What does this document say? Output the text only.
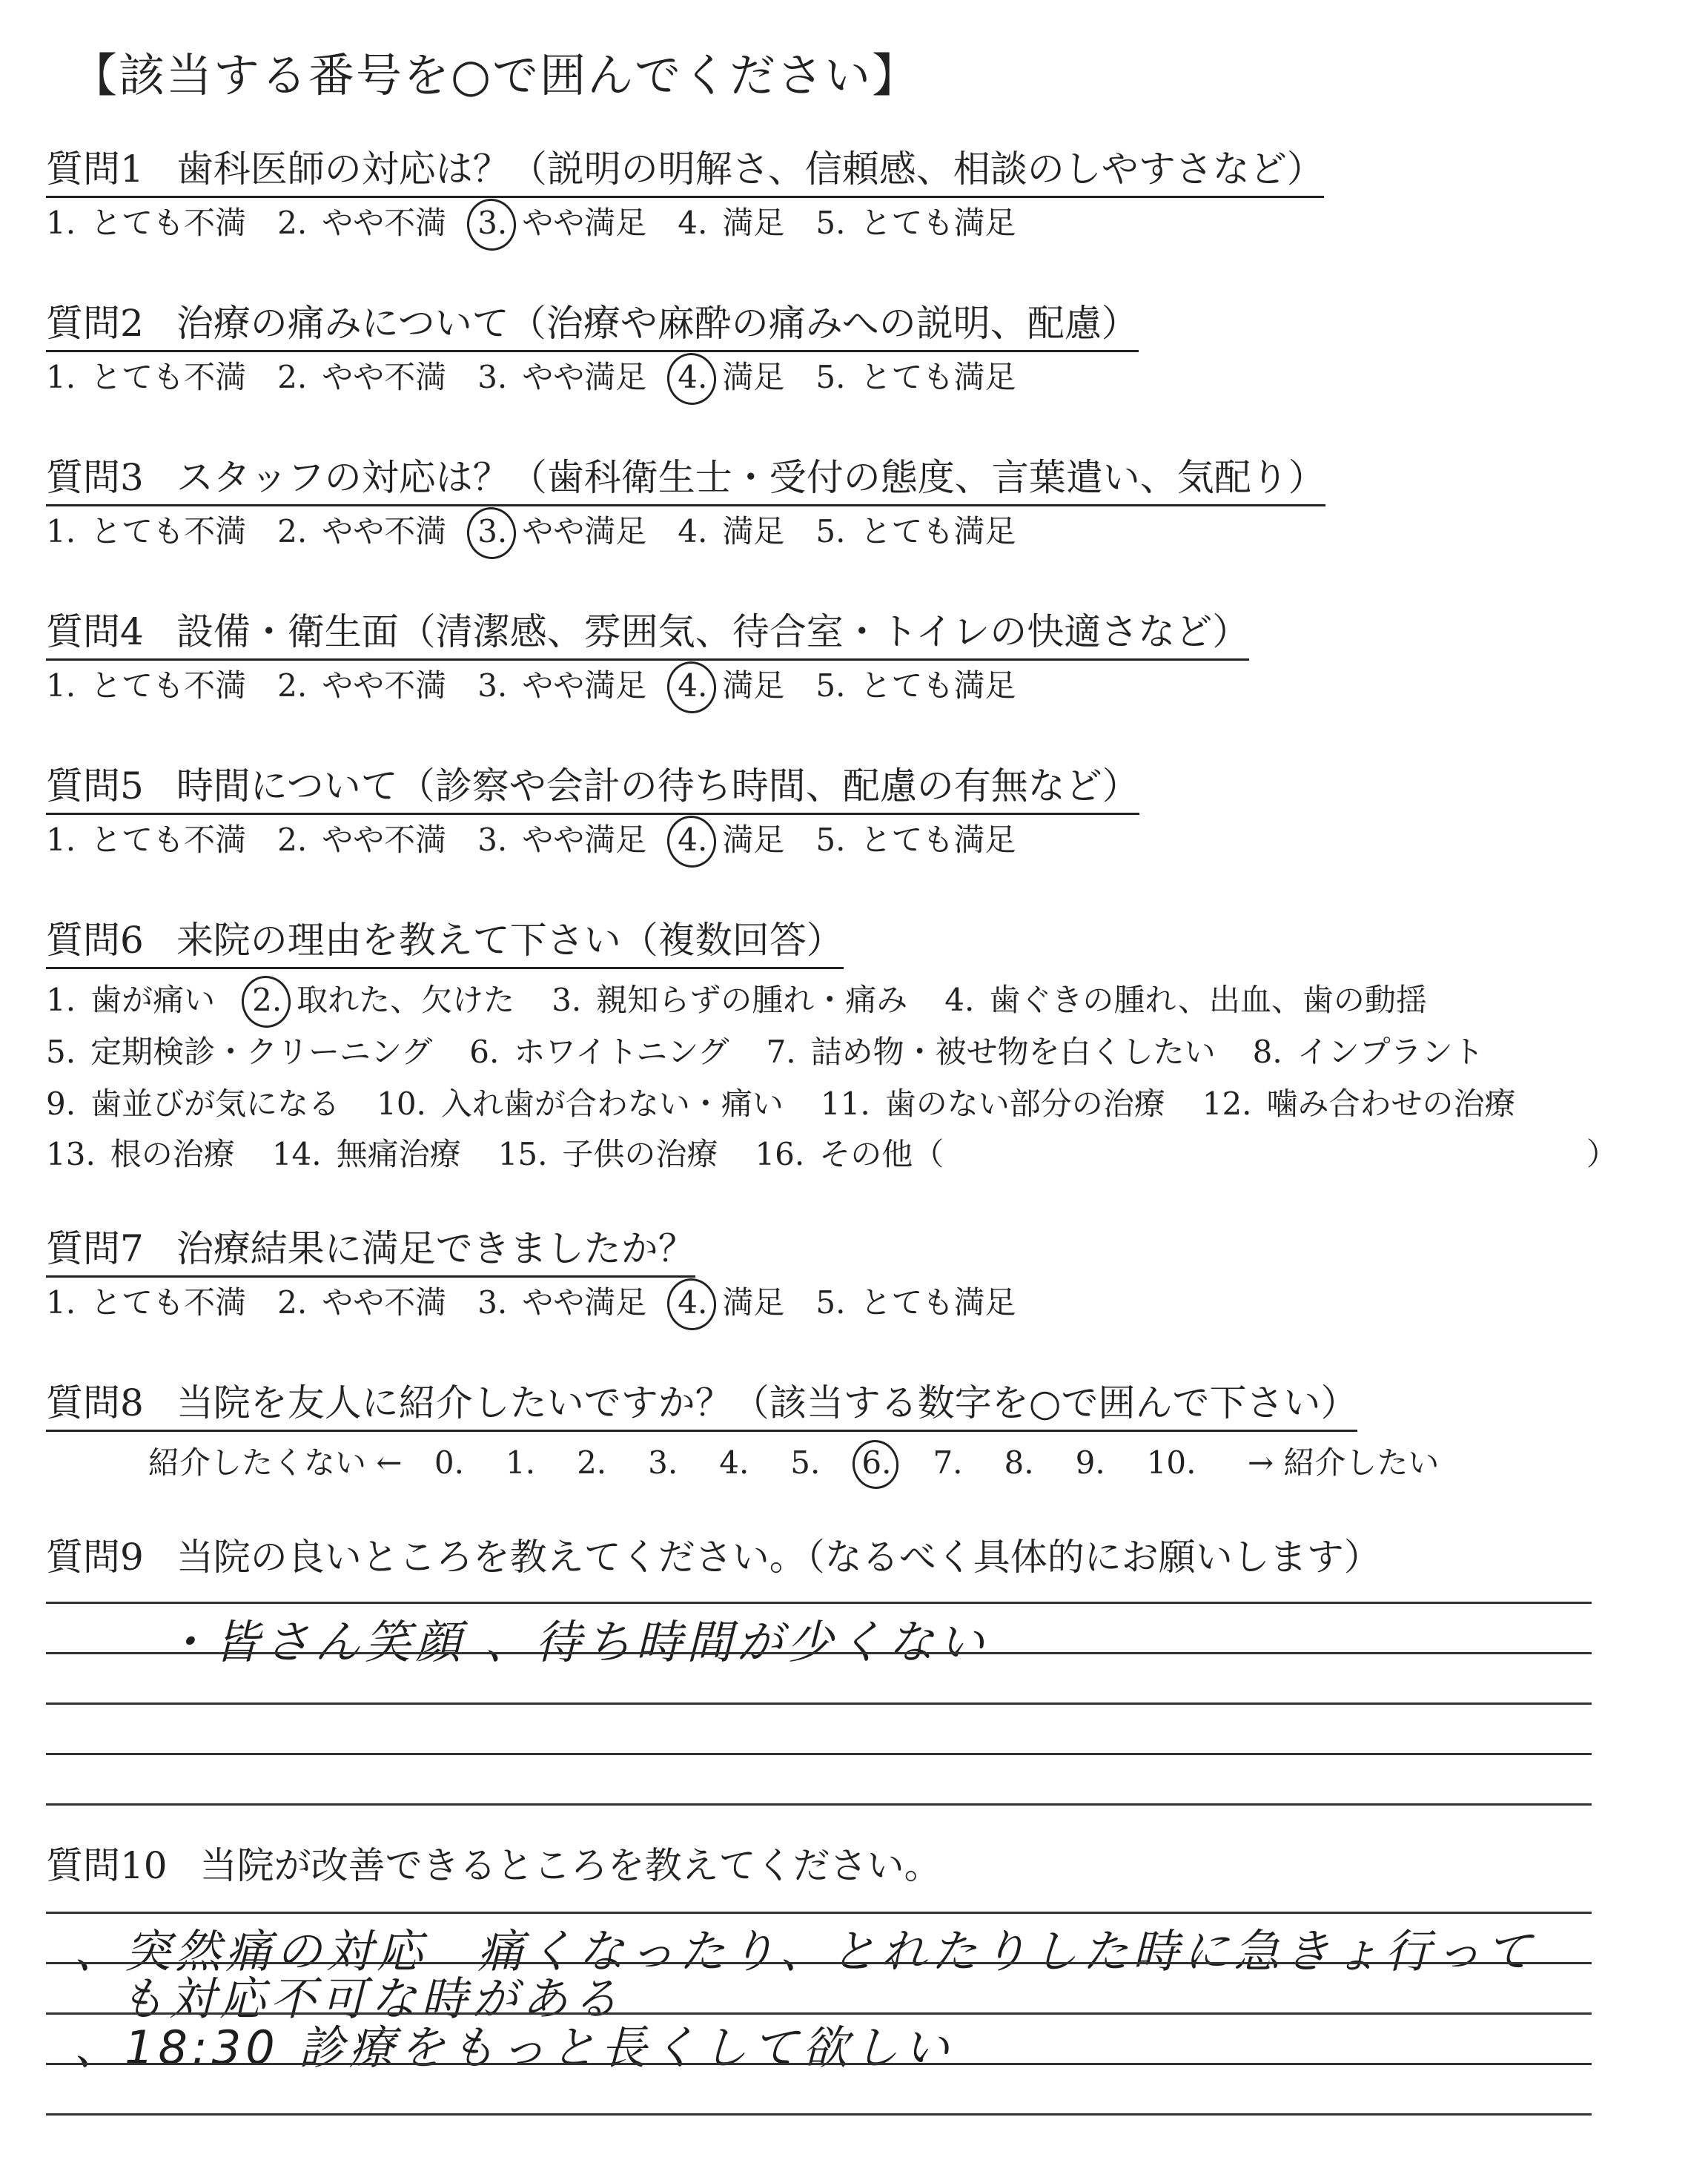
【該当する番号を○で囲んでください】
質問1 歯科医師の対応は？（説明の明解さ、信頼感、相談のしやすさなど）
1. とても不満 2. やや不満 3. やや満足 4. 満足 5. とても満足
質問2 治療の痛みについて（治療や麻酔の痛みへの説明、配慮）
1. とても不満 2. やや不満 3. やや満足 4. 満足 5. とても満足
質問3 スタッフの対応は？（歯科衛生士・受付の態度、言葉遣い、気配り）
1. とても不満 2. やや不満 3. やや満足 4. 満足 5. とても満足
質問4 設備・衛生面（清潔感、雰囲気、待合室・トイレの快適さなど）
1. とても不満 2. やや不満 3. やや満足 4. 満足 5. とても満足
質問5 時間について（診察や会計の待ち時間、配慮の有無など）
1. とても不満 2. やや不満 3. やや満足 4. 満足 5. とても満足
質問6 来院の理由を教えて下さい（複数回答）
1. 歯が痛い 2. 取れた、欠けた 3. 親知らずの腫れ・痛み 4. 歯ぐきの腫れ、出血、歯の動揺
5. 定期検診・クリーニング 6. ホワイトニング 7. 詰め物・被せ物を白くしたい 8. インプラント
9. 歯並びが気になる 10. 入れ歯が合わない・痛い 11. 歯のない部分の治療 12. 噛み合わせの治療
13. 根の治療 14. 無痛治療 15. 子供の治療 16. その他（	）
質問7 治療結果に満足できましたか？
1. とても不満 2. やや不満 3. やや満足 4. 満足 5. とても満足
質問8 当院を友人に紹介したいですか？（該当する数字を○で囲んで下さい）
紹介したくない ← 0. 1. 2. 3. 4. 5. 6. 7. 8. 9. 10. → 紹介したい
質問9 当院の良いところを教えてください。（なるべく具体的にお願いします）
・皆さん笑顔 、待ち時間が少くない
質問10 当院が改善できるところを教えてください。
、突然痛の対応　痛くなったり、とれたりした時に急きょ行って
も対応不可な時がある
、18:30 診療をもっと長くして欲しい
